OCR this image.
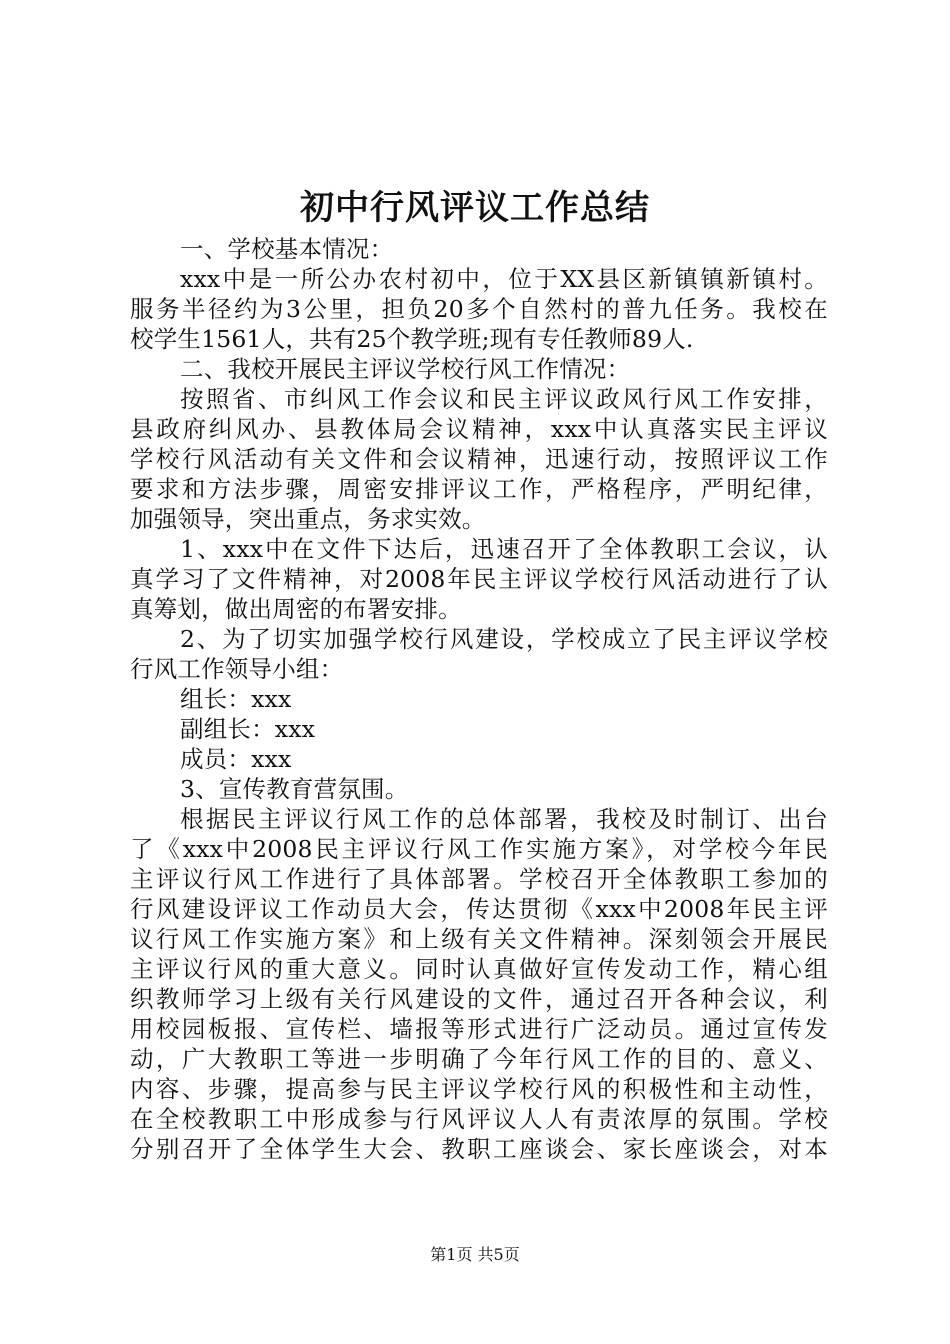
初中行风评议工作总结
一、学校基本情况：
xxx中是一所公办农村初中，位于XX县区新镇镇新镇村。
服务半径约为3公里，担负20多个自然村的普九任务。我校在
校学生1561人，共有25个教学班;现有专任教师89人.
二、我校开展民主评议学校行风工作情况：
按照省、市纠风工作会议和民主评议政风行风工作安排，
县政府纠风办、县教体局会议精神，xxx中认真落实民主评议
学校行风活动有关文件和会议精神，迅速行动，按照评议工作
要求和方法步骤，周密安排评议工作，严格程序，严明纪律，
加强领导，突出重点，务求实效。
1、xxx中在文件下达后，迅速召开了全体教职工会议，认
真学习了文件精神，对2008年民主评议学校行风活动进行了认
真筹划，做出周密的布署安排。
2、为了切实加强学校行风建设，学校成立了民主评议学校
行风工作领导小组：
组长：xxx
副组长：xxx
成员：xxx
3、宣传教育营氛围。
根据民主评议行风工作的总体部署，我校及时制订、出台
了《xxx中2008民主评议行风工作实施方案》，对学校今年民
主评议行风工作进行了具体部署。学校召开全体教职工参加的
行风建设评议工作动员大会，传达贯彻《xxx中2008年民主评
议行风工作实施方案》和上级有关文件精神。深刻领会开展民
主评议行风的重大意义。同时认真做好宣传发动工作，精心组
织教师学习上级有关行风建设的文件，通过召开各种会议，利
用校园板报、宣传栏、墙报等形式进行广泛动员。通过宣传发
动，广大教职工等进一步明确了今年行风工作的目的、意义、
内容、步骤，提高参与民主评议学校行风的积极性和主动性，
在全校教职工中形成参与行风评议人人有责浓厚的氛围。学校
分别召开了全体学生大会、教职工座谈会、家长座谈会，对本
第1页 共5页
